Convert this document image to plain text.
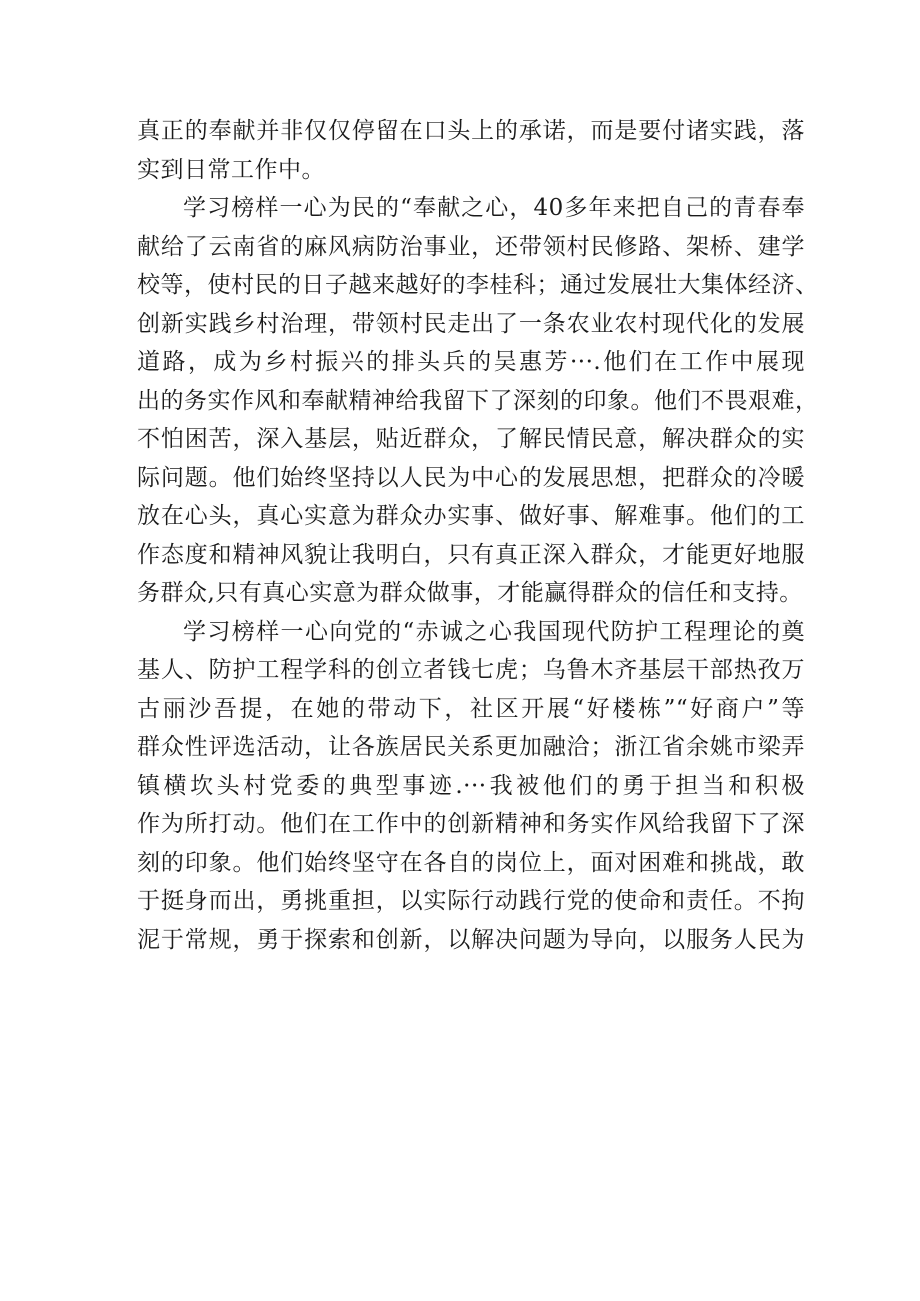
真正的奉献并非仅仅停留在口头上的承诺，而是要付诸实践，落
实到日常工作中。
学习榜样一心为民的“奉献之心，40多年来把自己的青春奉
献给了云南省的麻风病防治事业，还带领村民修路、架桥、建学
校等，使村民的日子越来越好的李桂科；通过发展壮大集体经济、
创新实践乡村治理，带领村民走出了一条农业农村现代化的发展
道路，成为乡村振兴的排头兵的吴惠芳···.他们在工作中展现
出的务实作风和奉献精神给我留下了深刻的印象。他们不畏艰难，
不怕困苦，深入基层，贴近群众，了解民情民意，解决群众的实
际问题。他们始终坚持以人民为中心的发展思想，把群众的冷暖
放在心头，真心实意为群众办实事、做好事、解难事。他们的工
作态度和精神风貌让我明白，只有真正深入群众，才能更好地服
务群众,只有真心实意为群众做事，才能赢得群众的信任和支持。
学习榜样一心向党的“赤诚之心我国现代防护工程理论的奠
基人、防护工程学科的创立者钱七虎；乌鲁木齐基层干部热孜万
古丽沙吾提，在她的带动下，社区开展“好楼栋”“好商户”等
群众性评选活动，让各族居民关系更加融洽；浙江省余姚市梁弄
镇横坎头村党委的典型事迹.···我被他们的勇于担当和积极
作为所打动。他们在工作中的创新精神和务实作风给我留下了深
刻的印象。他们始终坚守在各自的岗位上，面对困难和挑战，敢
于挺身而出，勇挑重担，以实际行动践行党的使命和责任。不拘
泥于常规，勇于探索和创新，以解决问题为导向，以服务人民为
